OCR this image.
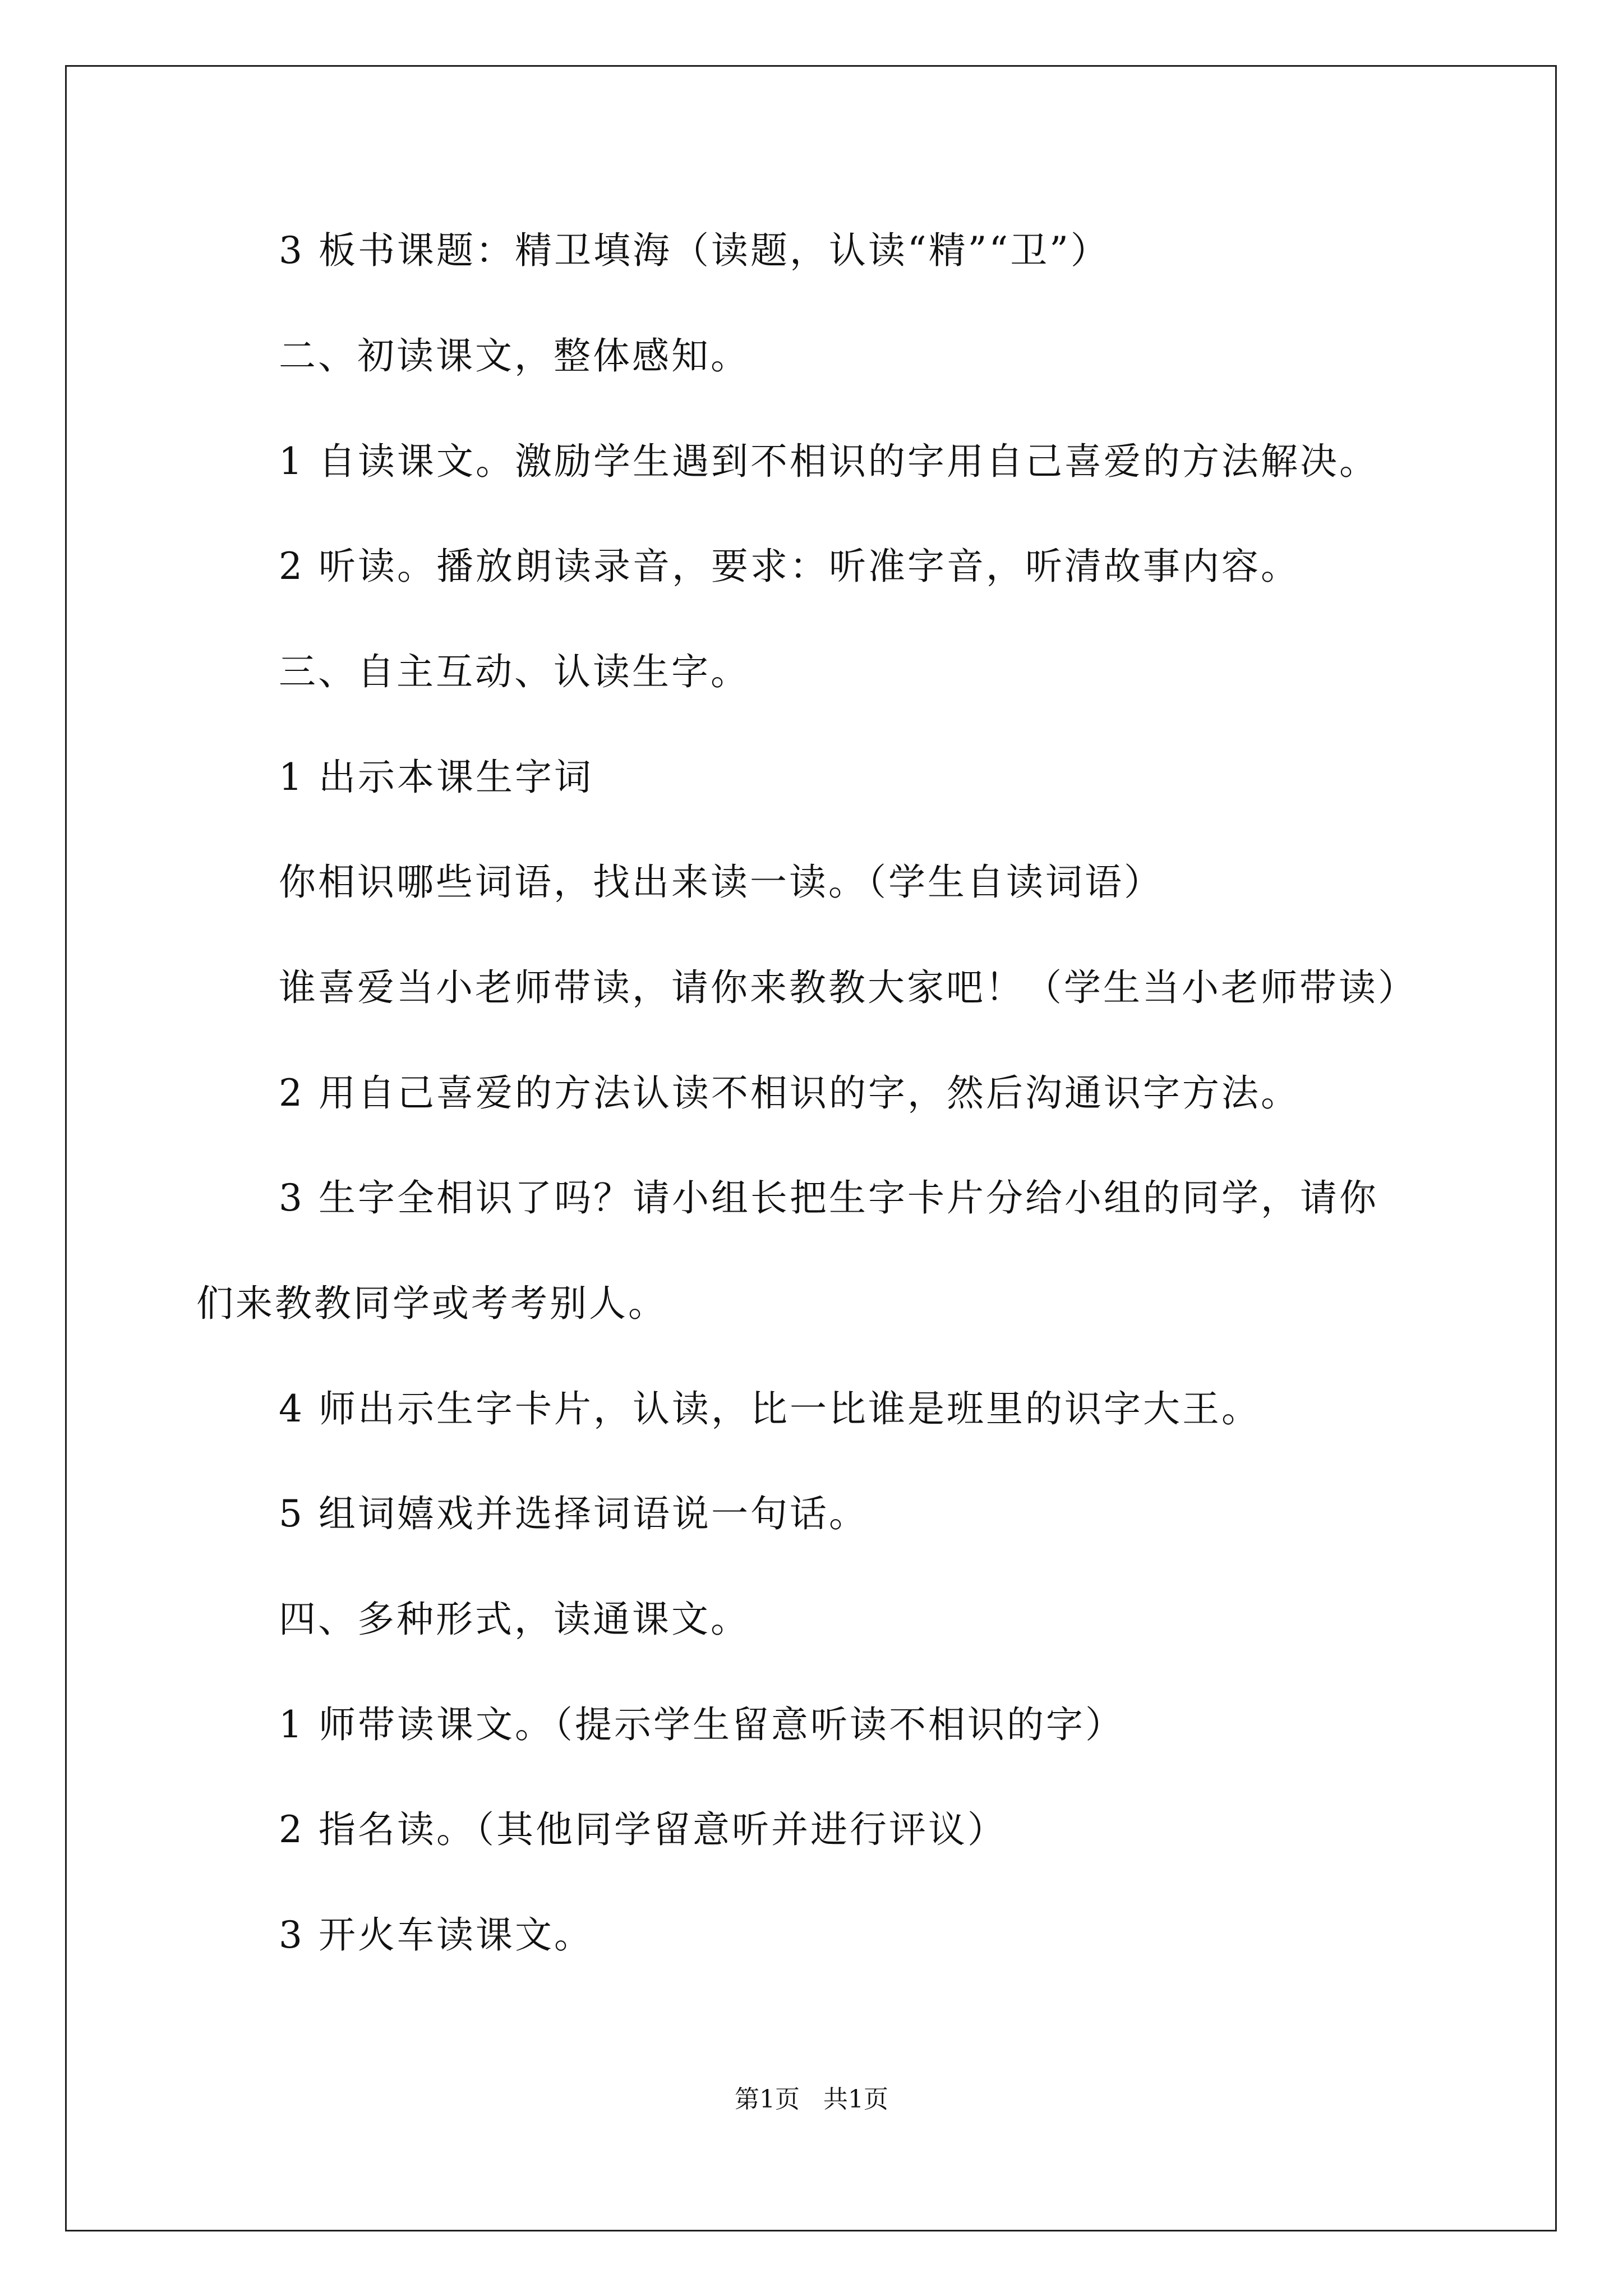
3 板书课题：精卫填海（读题，认读“精”“卫”）
二、初读课文，整体感知。
1 自读课文。激励学生遇到不相识的字用自己喜爱的方法解决。
2 听读。播放朗读录音，要求：听准字音，听清故事内容。
三、自主互动、认读生字。
1 出示本课生字词
你相识哪些词语，找出来读一读。（学生自读词语）
谁喜爱当小老师带读，请你来教教大家吧！（学生当小老师带读）
2 用自己喜爱的方法认读不相识的字，然后沟通识字方法。
3 生字全相识了吗？请小组长把生字卡片分给小组的同学，请你
们来教教同学或考考别人。
4 师出示生字卡片，认读，比一比谁是班里的识字大王。
5 组词嬉戏并选择词语说一句话。
四、多种形式，读通课文。
1 师带读课文。（提示学生留意听读不相识的字）
2 指名读。（其他同学留意听并进行评议）
3 开火车读课文。
第1页   共1页
